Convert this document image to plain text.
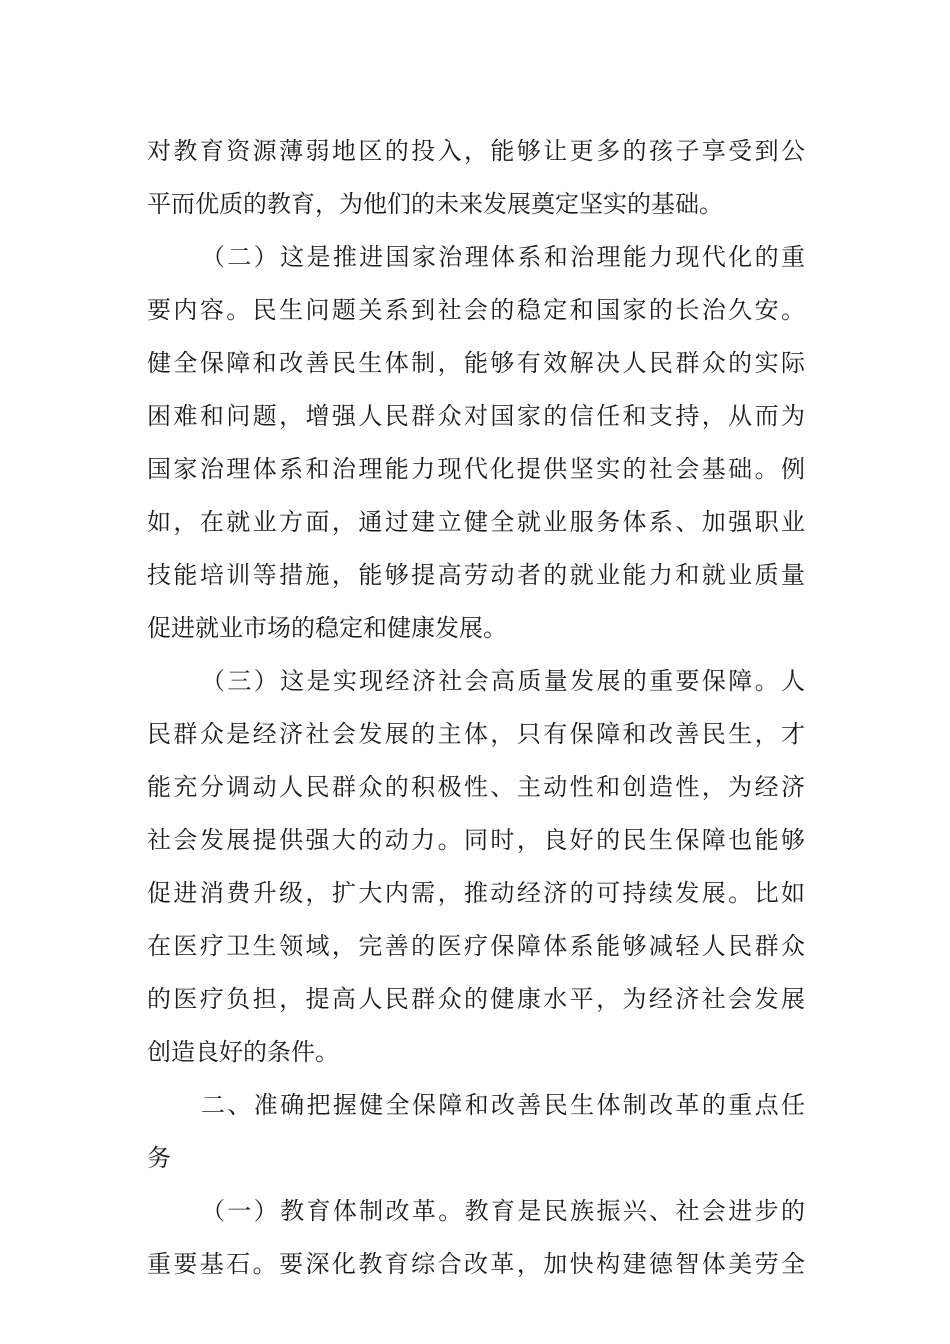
对教育资源薄弱地区的投入，能够让更多的孩子享受到公
平而优质的教育，为他们的未来发展奠定坚实的基础。
（二）这是推进国家治理体系和治理能力现代化的重
要内容。民生问题关系到社会的稳定和国家的长治久安。
健全保障和改善民生体制，能够有效解决人民群众的实际
困难和问题，增强人民群众对国家的信任和支持，从而为
国家治理体系和治理能力现代化提供坚实的社会基础。例
如，在就业方面，通过建立健全就业服务体系、加强职业
技能培训等措施，能够提高劳动者的就业能力和就业质量
促进就业市场的稳定和健康发展。
（三）这是实现经济社会高质量发展的重要保障。人
民群众是经济社会发展的主体，只有保障和改善民生，才
能充分调动人民群众的积极性、主动性和创造性，为经济
社会发展提供强大的动力。同时，良好的民生保障也能够
促进消费升级，扩大内需，推动经济的可持续发展。比如
在医疗卫生领域，完善的医疗保障体系能够减轻人民群众
的医疗负担，提高人民群众的健康水平，为经济社会发展
创造良好的条件。
二、准确把握健全保障和改善民生体制改革的重点任
务
（一）教育体制改革。教育是民族振兴、社会进步的
重要基石。要深化教育综合改革，加快构建德智体美劳全
